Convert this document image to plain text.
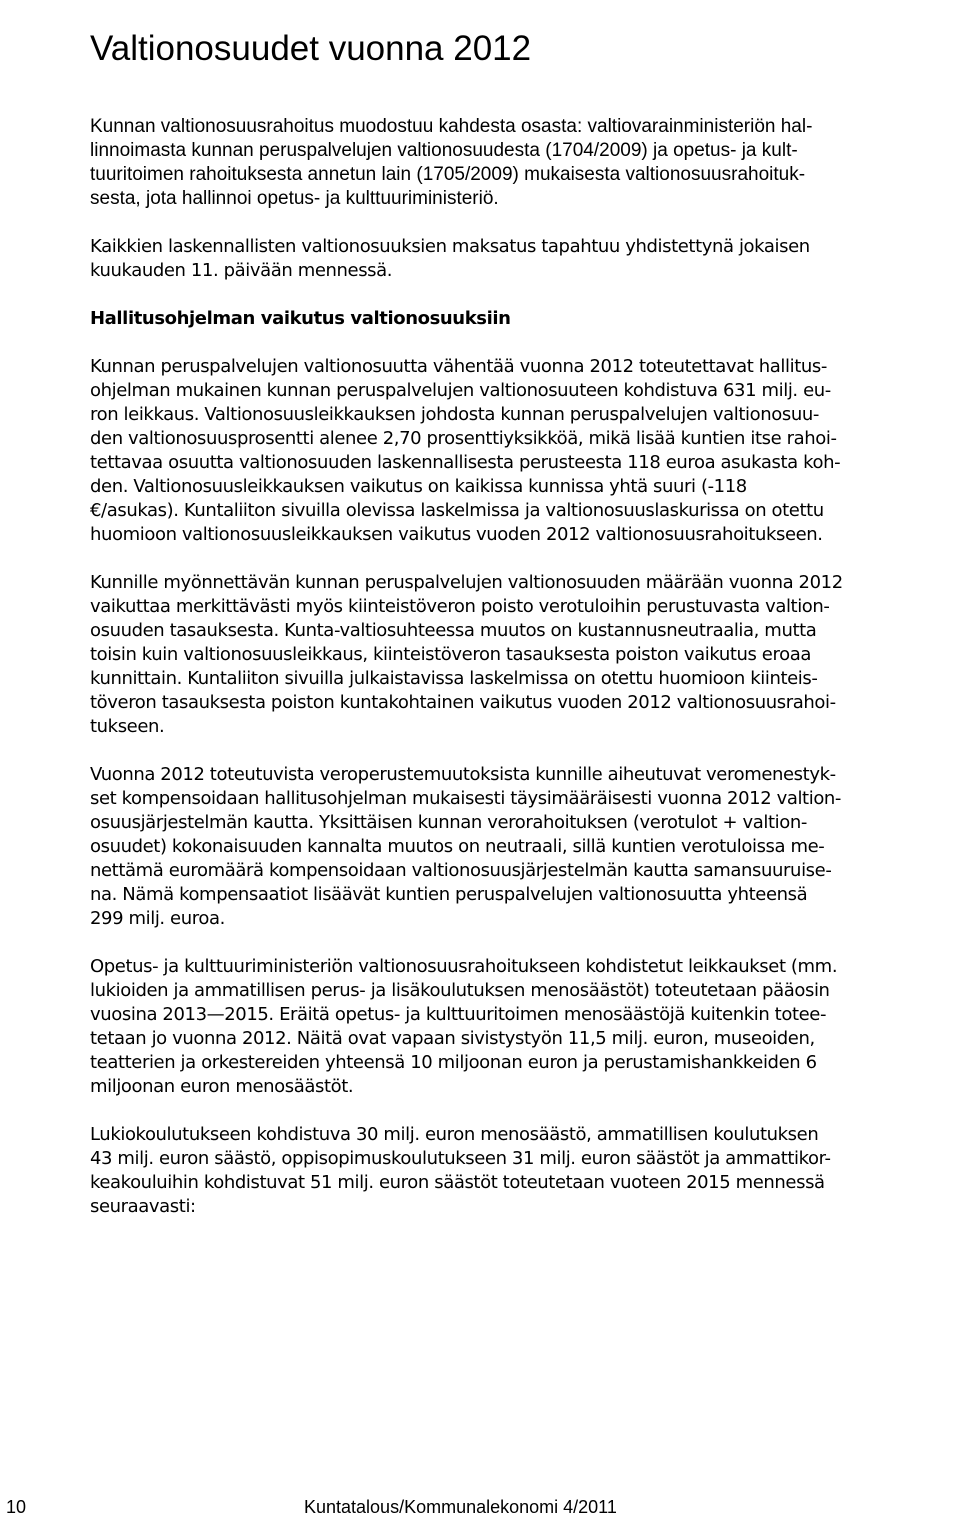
Valtionosuudet vuonna 2012
Kunnan valtionosuusrahoitus muodostuu kahdesta osasta: valtiovarainministeriön hal-
linnoimasta kunnan peruspalvelujen valtionosuudesta (1704/2009) ja opetus- ja kult-
tuuritoimen rahoituksesta annetun lain (1705/2009) mukaisesta valtionosuusrahoituk-
sesta, jota hallinnoi opetus- ja kulttuuriministeriö.
Kaikkien laskennallisten valtionosuuksien maksatus tapahtuu yhdistettynä jokaisen
kuukauden 11. päivään mennessä.
Hallitusohjelman vaikutus valtionosuuksiin
Kunnan peruspalvelujen valtionosuutta vähentää vuonna 2012 toteutettavat hallitus-
ohjelman mukainen kunnan peruspalvelujen valtionosuuteen kohdistuva 631 milj. eu-
ron leikkaus. Valtionosuusleikkauksen johdosta kunnan peruspalvelujen valtionosuu-
den valtionosuusprosentti alenee 2,70 prosenttiyksikköä, mikä lisää kuntien itse rahoi-
tettavaa osuutta valtionosuuden laskennallisesta perusteesta 118 euroa asukasta koh-
den. Valtionosuusleikkauksen vaikutus on kaikissa kunnissa yhtä suuri (-118
€/asukas). Kuntaliiton sivuilla olevissa laskelmissa ja valtionosuuslaskurissa on otettu
huomioon valtionosuusleikkauksen vaikutus vuoden 2012 valtionosuusrahoitukseen.
Kunnille myönnettävän kunnan peruspalvelujen valtionosuuden määrään vuonna 2012
vaikuttaa merkittävästi myös kiinteistöveron poisto verotuloihin perustuvasta valtion-
osuuden tasauksesta. Kunta-valtiosuhteessa muutos on kustannusneutraalia, mutta
toisin kuin valtionosuusleikkaus, kiinteistöveron tasauksesta poiston vaikutus eroaa
kunnittain. Kuntaliiton sivuilla julkaistavissa laskelmissa on otettu huomioon kiinteis-
töveron tasauksesta poiston kuntakohtainen vaikutus vuoden 2012 valtionosuusrahoi-
tukseen.
Vuonna 2012 toteutuvista veroperustemuutoksista kunnille aiheutuvat veromenestyk-
set kompensoidaan hallitusohjelman mukaisesti täysimääräisesti vuonna 2012 valtion-
osuusjärjestelmän kautta. Yksittäisen kunnan verorahoituksen (verotulot + valtion-
osuudet) kokonaisuuden kannalta muutos on neutraali, sillä kuntien verotuloissa me-
nettämä euromäärä kompensoidaan valtionosuusjärjestelmän kautta samansuuruise-
na. Nämä kompensaatiot lisäävät kuntien peruspalvelujen valtionosuutta yhteensä
299 milj. euroa.
Opetus- ja kulttuuriministeriön valtionosuusrahoitukseen kohdistetut leikkaukset (mm.
lukioiden ja ammatillisen perus- ja lisäkoulutuksen menosäästöt) toteutetaan pääosin
vuosina 2013—2015. Eräitä opetus- ja kulttuuritoimen menosäästöjä kuitenkin totee-
tetaan jo vuonna 2012. Näitä ovat vapaan sivistystyön 11,5 milj. euron, museoiden,
teatterien ja orkestereiden yhteensä 10 miljoonan euron ja perustamishankkeiden 6
miljoonan euron menosäästöt.
Lukiokoulutukseen kohdistuva 30 milj. euron menosäästö, ammatillisen koulutuksen
43 milj. euron säästö, oppisopimuskoulutukseen 31 milj. euron säästöt ja ammattikor-
keakouluihin kohdistuvat 51 milj. euron säästöt toteutetaan vuoteen 2015 mennessä
seuraavasti:
10	Kuntatalous/Kommunalekonomi 4/2011
